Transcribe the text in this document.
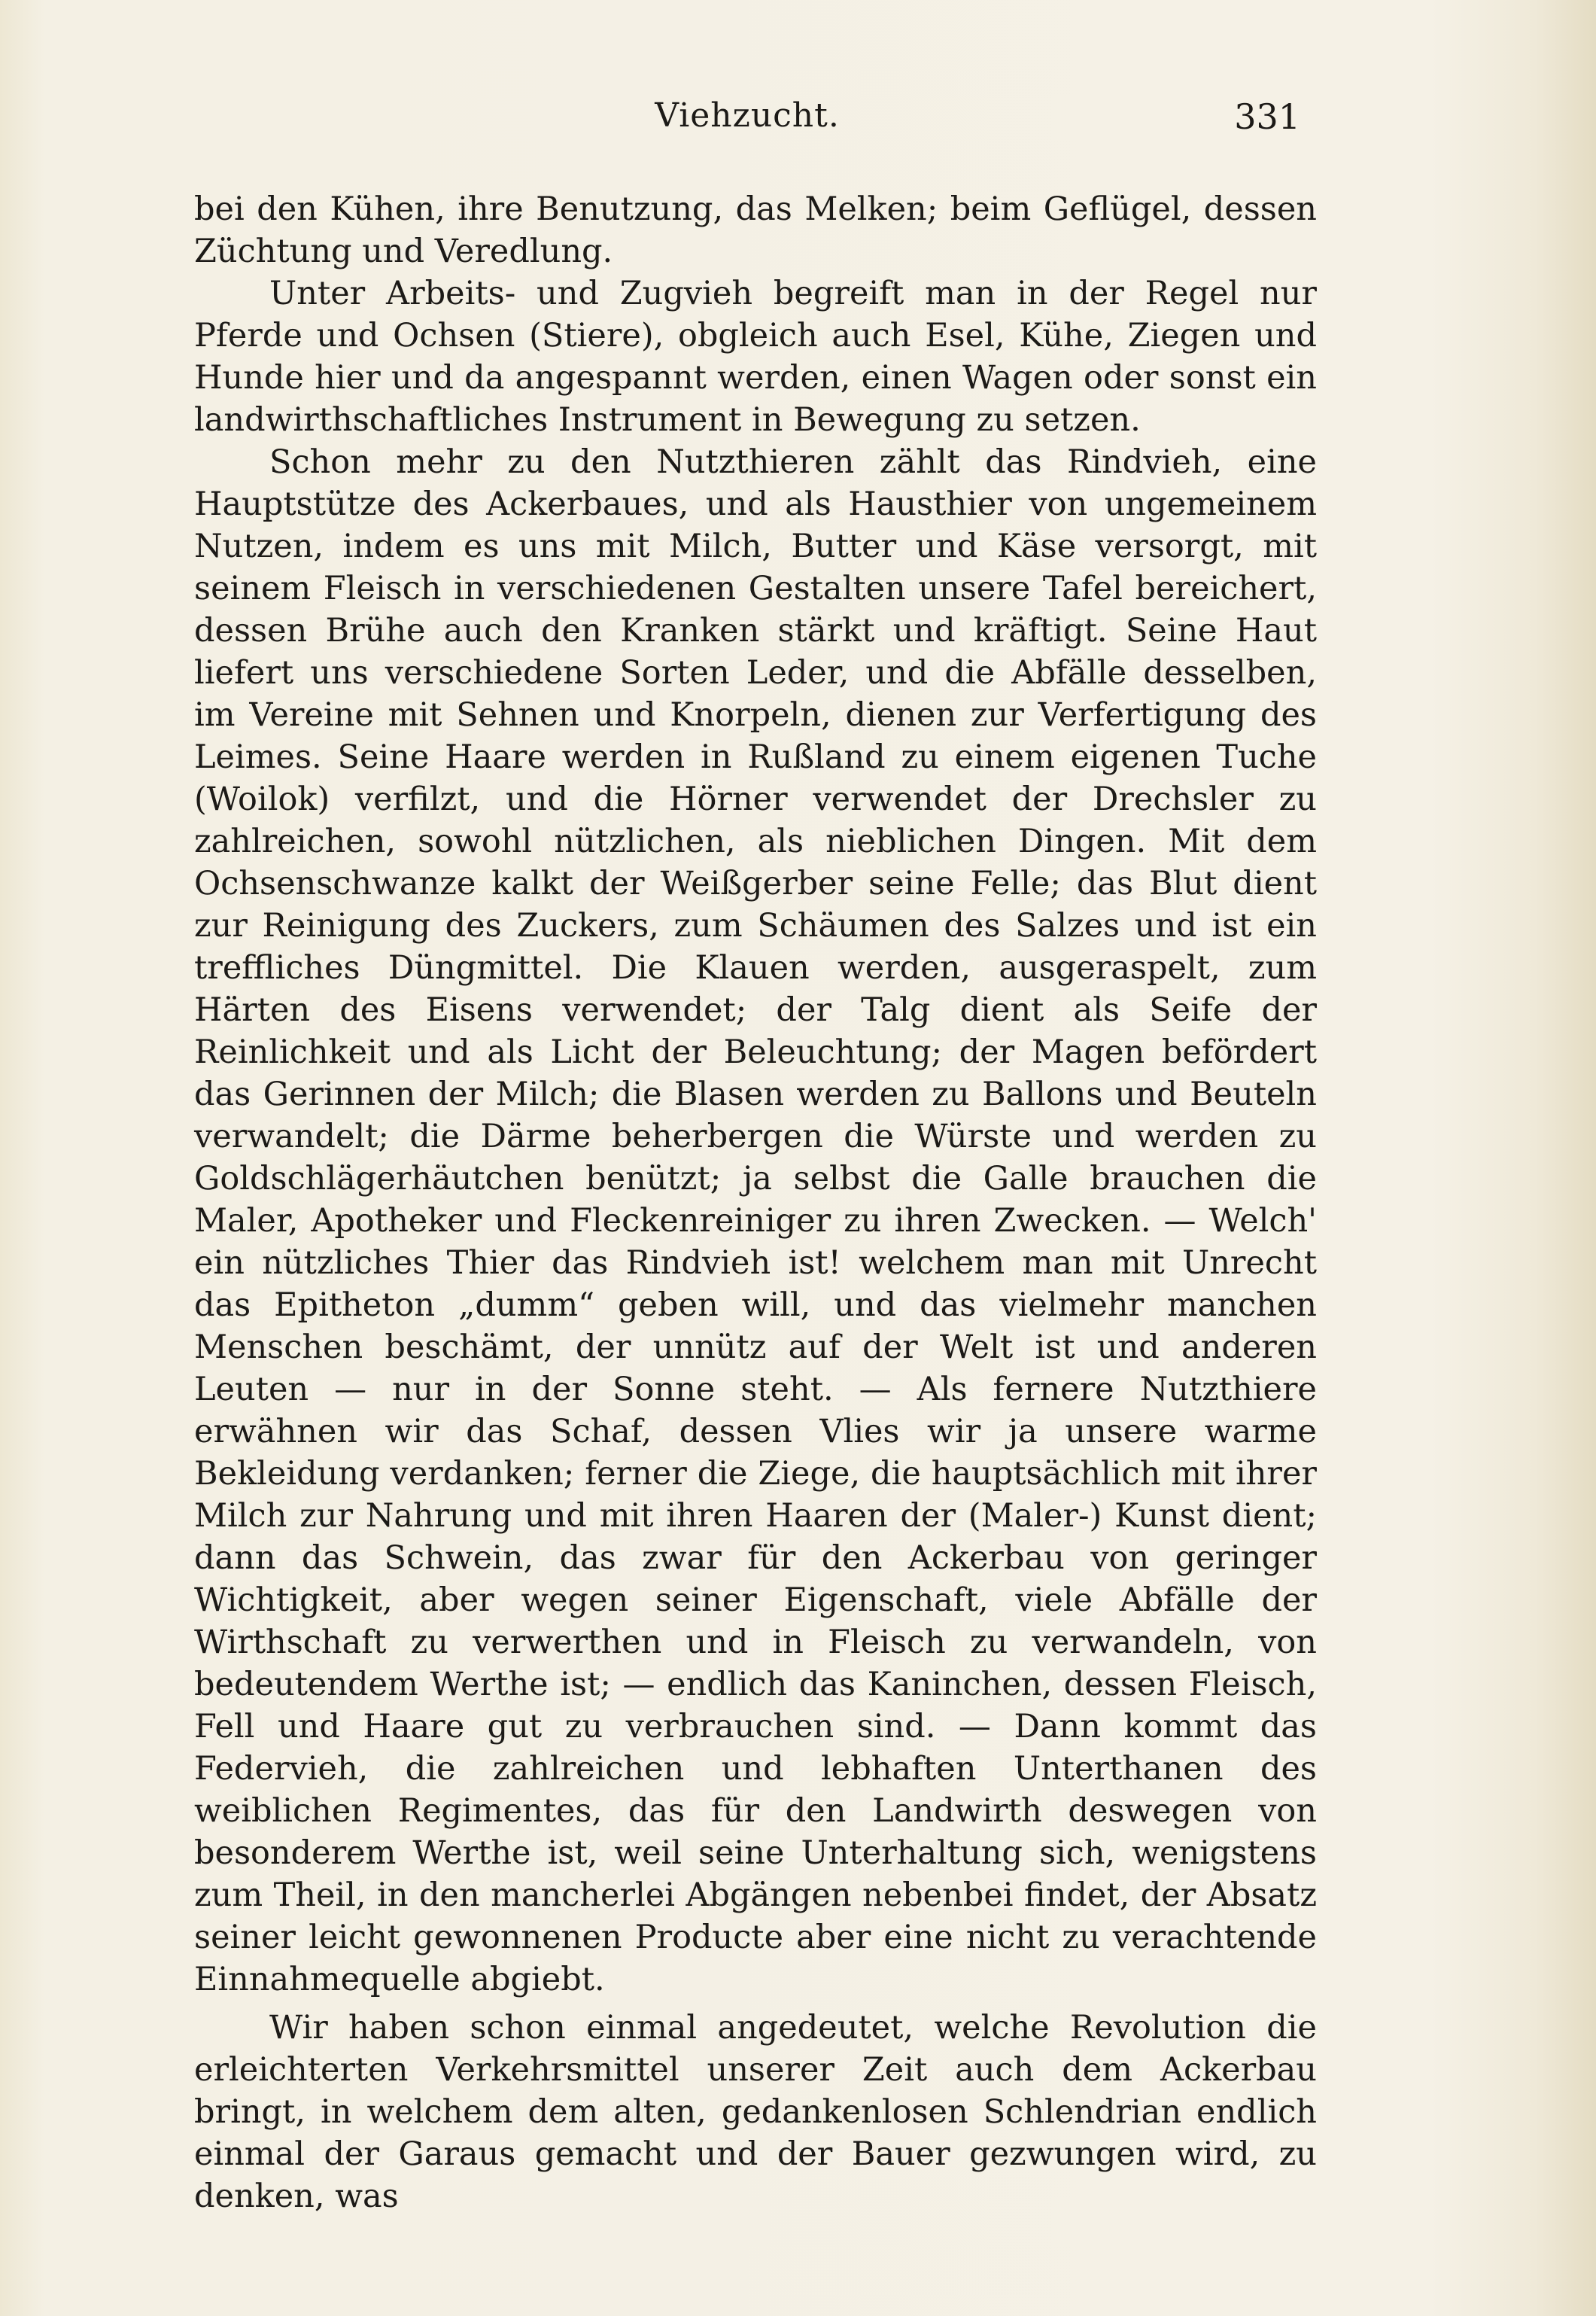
Viehzucht.	331

bei den Kühen, ihre Benutzung, das Melken; beim Geflügel, dessen Züchtung und Veredlung.

Unter Arbeits- und Zugvieh begreift man in der Regel nur Pferde und Ochsen (Stiere), obgleich auch Esel, Kühe, Ziegen und Hunde hier und da angespannt werden, einen Wagen oder sonst ein landwirthschaftliches Instrument in Bewegung zu setzen.

Schon mehr zu den Nutzthieren zählt das Rindvieh, eine Hauptstütze des Ackerbaues, und als Hausthier von ungemeinem Nutzen, indem es uns mit Milch, Butter und Käse versorgt, mit seinem Fleisch in verschiedenen Gestalten unsere Tafel bereichert, dessen Brühe auch den Kranken stärkt und kräftigt. Seine Haut liefert uns verschiedene Sorten Leder, und die Abfälle desselben, im Vereine mit Sehnen und Knorpeln, dienen zur Verfertigung des Leimes. Seine Haare werden in Rußland zu einem eigenen Tuche (Woilok) verfilzt, und die Hörner verwendet der Drechsler zu zahlreichen, sowohl nützlichen, als nieblichen Dingen. Mit dem Ochsenschwanze kalkt der Weißgerber seine Felle; das Blut dient zur Reinigung des Zuckers, zum Schäumen des Salzes und ist ein treffliches Düngmittel. Die Klauen werden, ausgeraspelt, zum Härten des Eisens verwendet; der Talg dient als Seife der Reinlichkeit und als Licht der Beleuchtung; der Magen befördert das Gerinnen der Milch; die Blasen werden zu Ballons und Beuteln verwandelt; die Därme beherbergen die Würste und werden zu Goldschlägerhäutchen benützt; ja selbst die Galle brauchen die Maler, Apotheker und Fleckenreiniger zu ihren Zwecken. — Welch' ein nützliches Thier das Rindvieh ist! welchem man mit Unrecht das Epitheton „dumm“ geben will, und das vielmehr manchen Menschen beschämt, der unnütz auf der Welt ist und anderen Leuten — nur in der Sonne steht. — Als fernere Nutzthiere erwähnen wir das Schaf, dessen Vlies wir ja unsere warme Bekleidung verdanken; ferner die Ziege, die hauptsächlich mit ihrer Milch zur Nahrung und mit ihren Haaren der (Maler-) Kunst dient; dann das Schwein, das zwar für den Ackerbau von geringer Wichtigkeit, aber wegen seiner Eigenschaft, viele Abfälle der Wirthschaft zu verwerthen und in Fleisch zu verwandeln, von bedeutendem Werthe ist; — endlich das Kaninchen, dessen Fleisch, Fell und Haare gut zu verbrauchen sind. — Dann kommt das Federvieh, die zahlreichen und lebhaften Unterthanen des weiblichen Regimentes, das für den Landwirth deswegen von besonderem Werthe ist, weil seine Unterhaltung sich, wenigstens zum Theil, in den mancherlei Abgängen nebenbei findet, der Absatz seiner leicht gewonnenen Producte aber eine nicht zu verachtende Einnahmequelle abgiebt.

Wir haben schon einmal angedeutet, welche Revolution die erleichterten Verkehrsmittel unserer Zeit auch dem Ackerbau bringt, in welchem dem alten, gedankenlosen Schlendrian endlich einmal der Garaus gemacht und der Bauer gezwungen wird, zu denken, was
